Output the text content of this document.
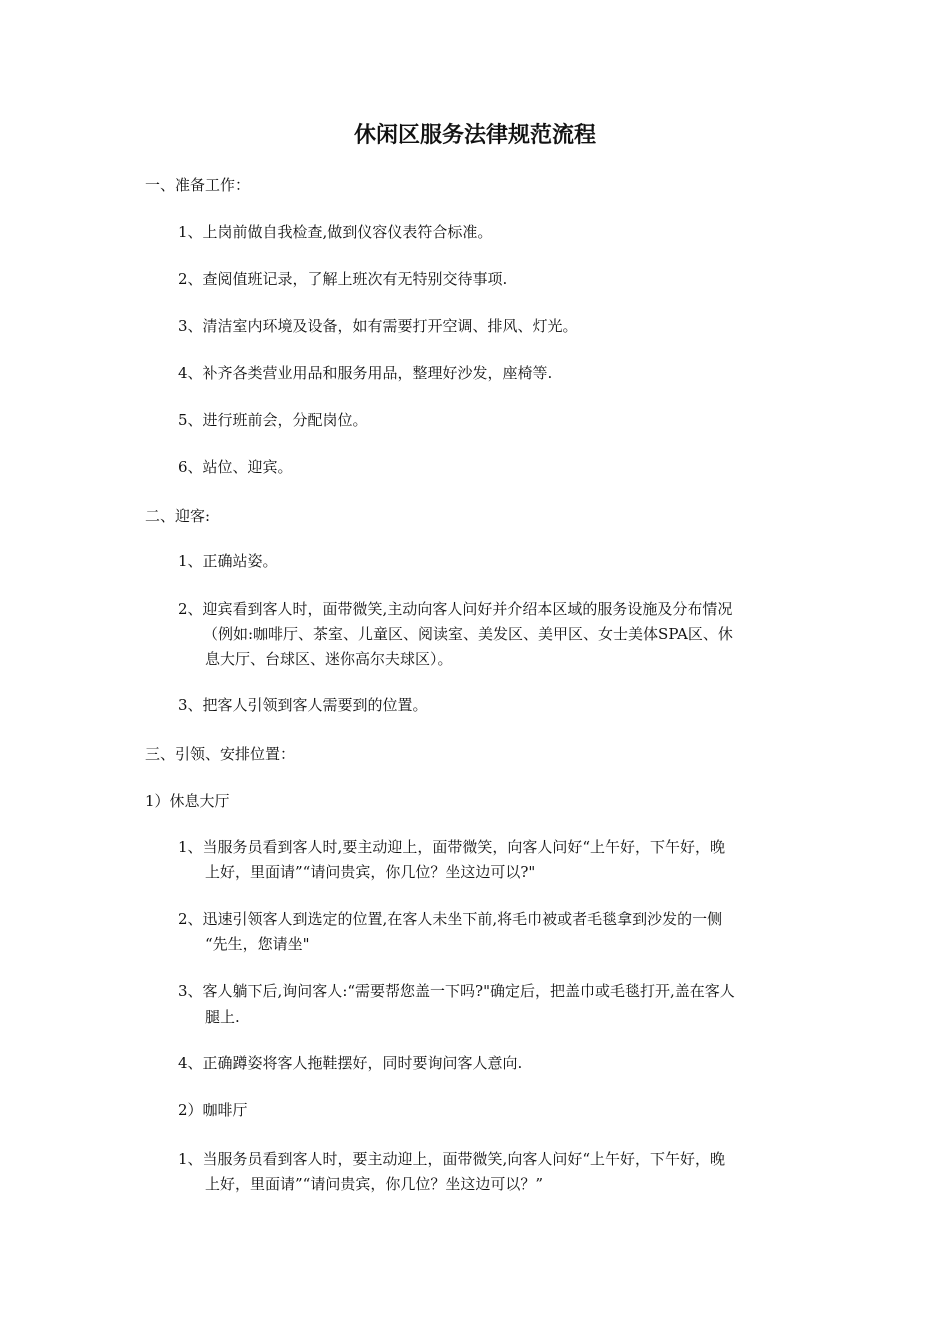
休闲区服务法律规范流程

一、准备工作：

1、上岗前做自我检查,做到仪容仪表符合标准。

2、查阅值班记录，了解上班次有无特别交待事项.

3、清洁室内环境及设备，如有需要打开空调、排风、灯光。

4、补齐各类营业用品和服务用品，整理好沙发，座椅等.

5、进行班前会，分配岗位。

6、站位、迎宾。

二、迎客:

1、正确站姿。

2、迎宾看到客人时，面带微笑,主动向客人问好并介绍本区域的服务设施及分布情况

（例如:咖啡厅、茶室、儿童区、阅读室、美发区、美甲区、女士美体SPA区、休

息大厅、台球区、迷你高尔夫球区）。

3、把客人引领到客人需要到的位置。

三、引领、安排位置：

1）休息大厅

1、当服务员看到客人时,要主动迎上，面带微笑，向客人问好“上午好，下午好，晚

上好，里面请”“请问贵宾，你几位？坐这边可以?"

2、迅速引领客人到选定的位置,在客人未坐下前,将毛巾被或者毛毯拿到沙发的一侧

“先生，您请坐"

3、客人躺下后,询问客人:“需要帮您盖一下吗?"确定后，把盖巾或毛毯打开,盖在客人

腿上.

4、正确蹲姿将客人拖鞋摆好，同时要询问客人意向.

2）咖啡厅

1、当服务员看到客人时，要主动迎上，面带微笑,向客人问好“上午好，下午好，晚

上好，里面请”“请问贵宾，你几位？坐这边可以？”
